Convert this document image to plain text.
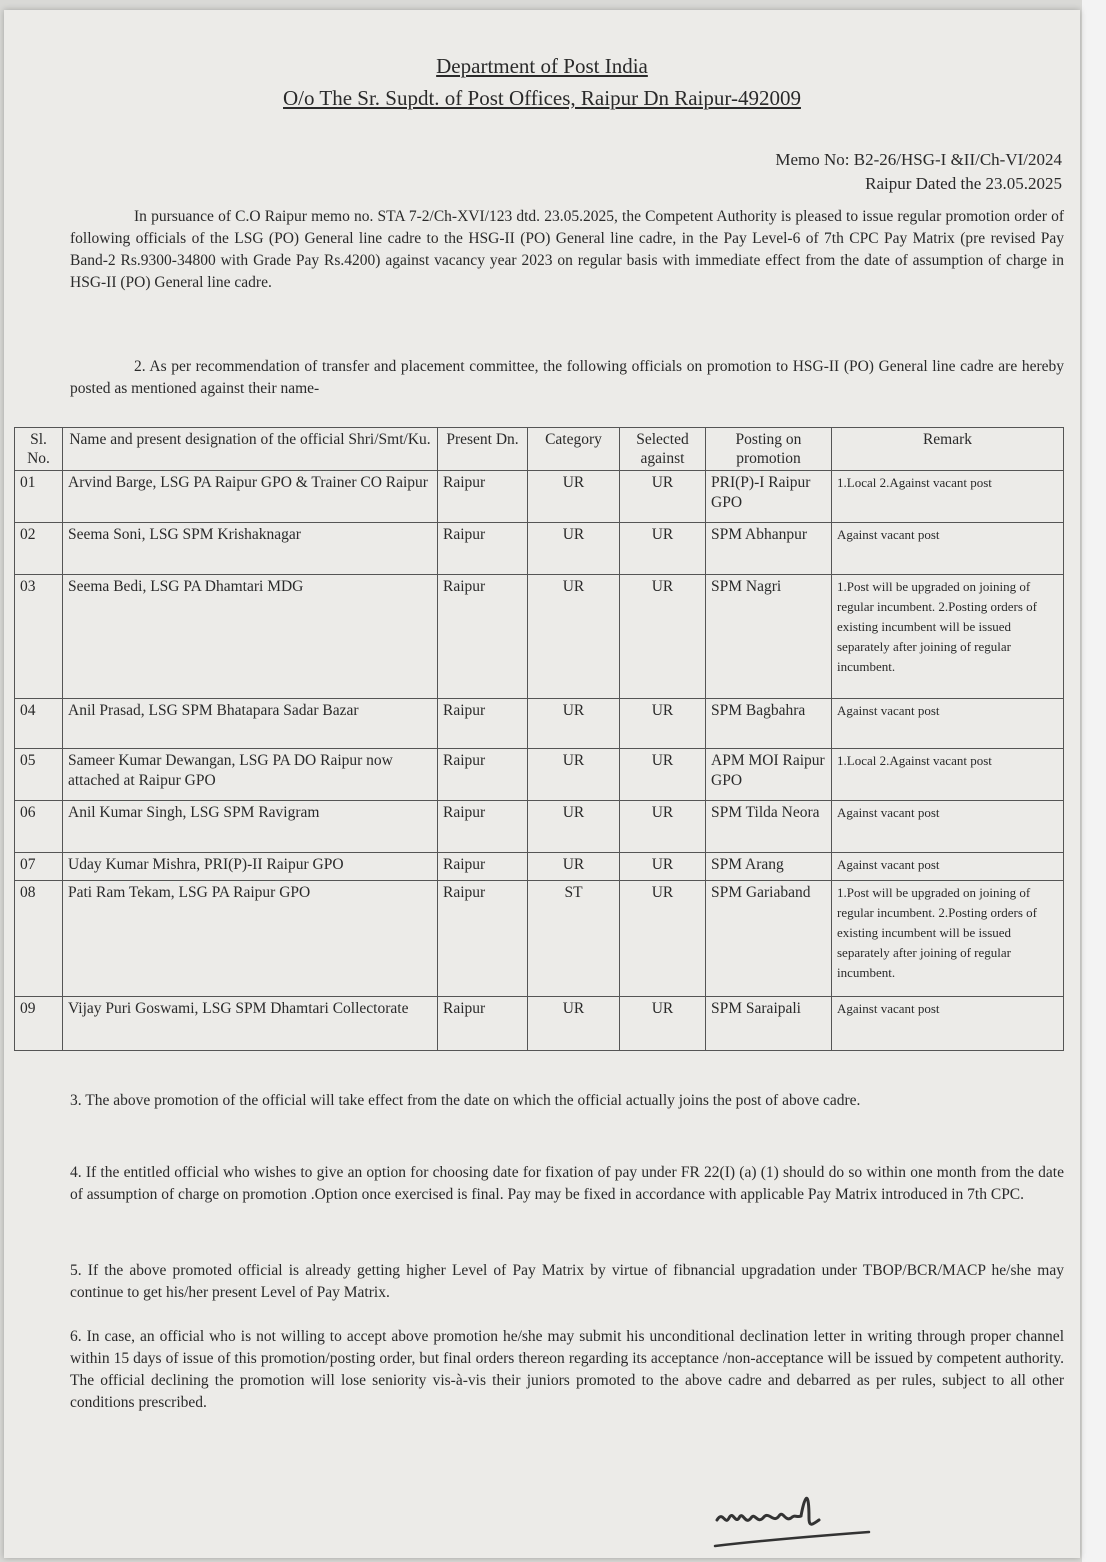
Department of Post India
O/o The Sr. Supdt. of Post Offices, Raipur Dn Raipur-492009
Memo No: B2-26/HSG-I &II/Ch-VI/2024
Raipur Dated the 23.05.2025
In pursuance of C.O Raipur memo no. STA 7-2/Ch-XVI/123 dtd. 23.05.2025, the Competent Authority is pleased to issue regular promotion order of following officials of the LSG (PO) General line cadre to the HSG-II (PO) General line cadre, in the Pay Level-6 of 7th CPC Pay Matrix (pre revised Pay Band-2 Rs.9300-34800 with Grade Pay Rs.4200) against vacancy year 2023 on regular basis with immediate effect from the date of assumption of charge in HSG-II (PO) General line cadre.
2. As per recommendation of transfer and placement committee, the following officials on promotion to HSG-II (PO) General line cadre are hereby posted as mentioned against their name-
Sl. No.	Name and present designation of the official Shri/Smt/Ku.	Present Dn.	Category	Selected against	Posting on promotion	Remark
01	Arvind Barge, LSG PA Raipur GPO & Trainer CO Raipur	Raipur	UR	UR	PRI(P)-I Raipur GPO	1.Local 2.Against vacant post
02	Seema Soni, LSG SPM Krishaknagar	Raipur	UR	UR	SPM Abhanpur	Against vacant post
03	Seema Bedi, LSG PA Dhamtari MDG	Raipur	UR	UR	SPM Nagri	1.Post will be upgraded on joining of regular incumbent. 2.Posting orders of existing incumbent will be issued separately after joining of regular incumbent.
04	Anil Prasad, LSG SPM Bhatapara Sadar Bazar	Raipur	UR	UR	SPM Bagbahra	Against vacant post
05	Sameer Kumar Dewangan, LSG PA DO Raipur now attached at Raipur GPO	Raipur	UR	UR	APM MOI Raipur GPO	1.Local 2.Against vacant post
06	Anil Kumar Singh, LSG SPM Ravigram	Raipur	UR	UR	SPM Tilda Neora	Against vacant post
07	Uday Kumar Mishra, PRI(P)-II Raipur GPO	Raipur	UR	UR	SPM Arang	Against vacant post
08	Pati Ram Tekam, LSG PA Raipur GPO	Raipur	ST	UR	SPM Gariaband	1.Post will be upgraded on joining of regular incumbent. 2.Posting orders of existing incumbent will be issued separately after joining of regular incumbent.
09	Vijay Puri Goswami, LSG SPM Dhamtari Collectorate	Raipur	UR	UR	SPM Saraipali	Against vacant post
3. The above promotion of the official will take effect from the date on which the official actually joins the post of above cadre.
4. If the entitled official who wishes to give an option for choosing date for fixation of pay under FR 22(I) (a) (1) should do so within one month from the date of assumption of charge on promotion .Option once exercised is final. Pay may be fixed in accordance with applicable Pay Matrix introduced in 7th CPC.
5. If the above promoted official is already getting higher Level of Pay Matrix by virtue of fibnancial upgradation under TBOP/BCR/MACP he/she may continue to get his/her present Level of Pay Matrix.
6. In case, an official who is not willing to accept above promotion he/she may submit his unconditional declination letter in writing through proper channel within 15 days of issue of this promotion/posting order, but final orders thereon regarding its acceptance /non-acceptance will be issued by competent authority. The official declining the promotion will lose seniority vis-à-vis their juniors promoted to the above cadre and debarred as per rules, subject to all other conditions prescribed.
